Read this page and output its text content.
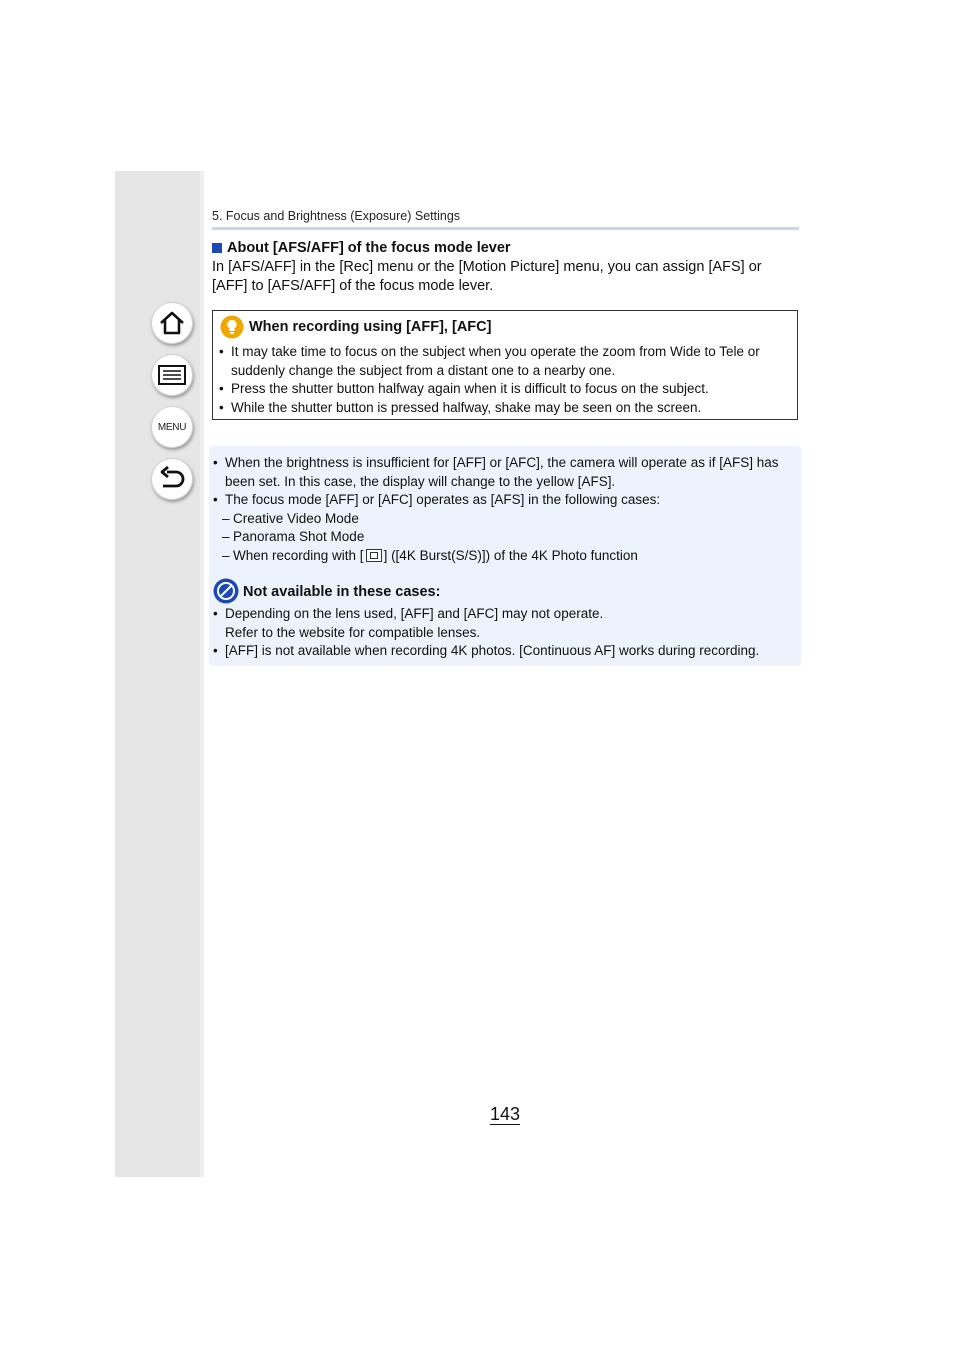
MENU
5. Focus and Brightness (Exposure) Settings
About [AFS/AFF] of the focus mode lever
In [AFS/AFF] in the [Rec] menu or the [Motion Picture] menu, you can assign [AFS] or [AFF] to [AFS/AFF] of the focus mode lever.
When recording using [AFF], [AFC]
• It may take time to focus on the subject when you operate the zoom from Wide to Tele or suddenly change the subject from a distant one to a nearby one.
• Press the shutter button halfway again when it is difficult to focus on the subject.
• While the shutter button is pressed halfway, shake may be seen on the screen.
• When the brightness is insufficient for [AFF] or [AFC], the camera will operate as if [AFS] has been set. In this case, the display will change to the yellow [AFS].
• The focus mode [AFF] or [AFC] operates as [AFS] in the following cases:
– Creative Video Mode
– Panorama Shot Mode
– When recording with [ ] ([4K Burst(S/S)]) of the 4K Photo function
Not available in these cases:
• Depending on the lens used, [AFF] and [AFC] may not operate.
Refer to the website for compatible lenses.
• [AFF] is not available when recording 4K photos. [Continuous AF] works during recording.
143
